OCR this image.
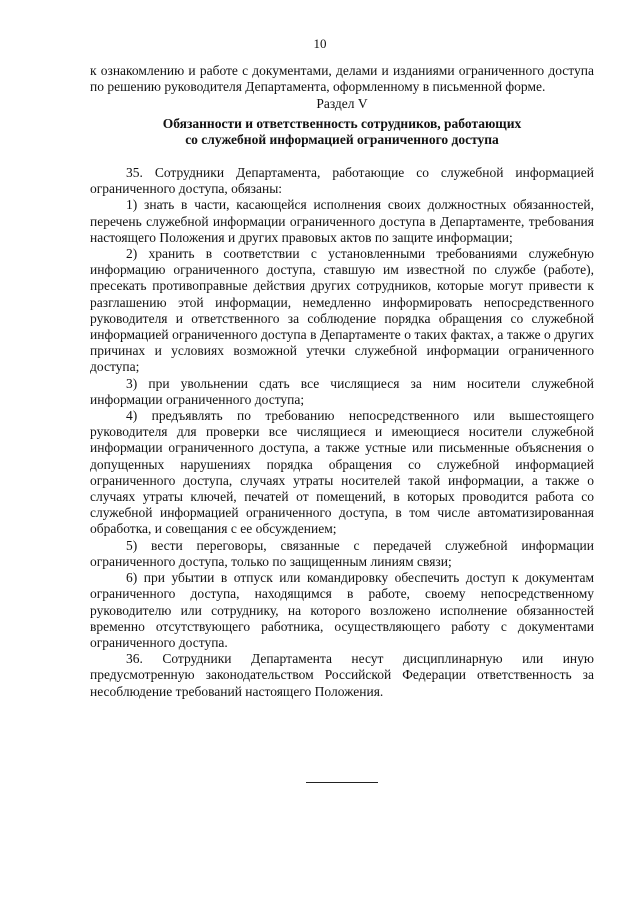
10

к ознакомлению и работе с документами, делами и изданиями ограниченного доступа по решению руководителя Департамента, оформленному в письменной форме.

Раздел V

Обязанности и ответственность сотрудников, работающих
со служебной информацией ограниченного доступа

35. Сотрудники Департамента, работающие со служебной информацией ограниченного доступа, обязаны:

1) знать в части, касающейся исполнения своих должностных обязанностей, перечень служебной информации ограниченного доступа в Департаменте, требования настоящего Положения и других правовых актов по защите информации;

2) хранить в соответствии с установленными требованиями служебную информацию ограниченного доступа, ставшую им известной по службе (работе), пресекать противоправные действия других сотрудников, которые могут привести к разглашению этой информации, немедленно информировать непосредственного руководителя и ответственного за соблюдение порядка обращения со служебной информацией ограниченного доступа в Департаменте о таких фактах, а также о других причинах и условиях возможной утечки служебной информации ограниченного доступа;

3) при увольнении сдать все числящиеся за ним носители служебной информации ограниченного доступа;

4) предъявлять по требованию непосредственного или вышестоящего руководителя для проверки все числящиеся и имеющиеся носители служебной информации ограниченного доступа, а также устные или письменные объяснения о допущенных нарушениях порядка обращения со служебной информацией ограниченного доступа, случаях утраты носителей такой информации, а также о случаях утраты ключей, печатей от помещений, в которых проводится работа со служебной информацией ограниченного доступа, в том числе автоматизированная обработка, и совещания с ее обсуждением;

5) вести переговоры, связанные с передачей служебной информации ограниченного доступа, только по защищенным линиям связи;

6) при убытии в отпуск или командировку обеспечить доступ к документам ограниченного доступа, находящимся в работе, своему непосредственному руководителю или сотруднику, на которого возложено исполнение обязанностей временно отсутствующего работника, осуществляющего работу с документами ограниченного доступа.

36. Сотрудники Департамента несут дисциплинарную или иную предусмотренную законодательством Российской Федерации ответственность за несоблюдение требований настоящего Положения.
